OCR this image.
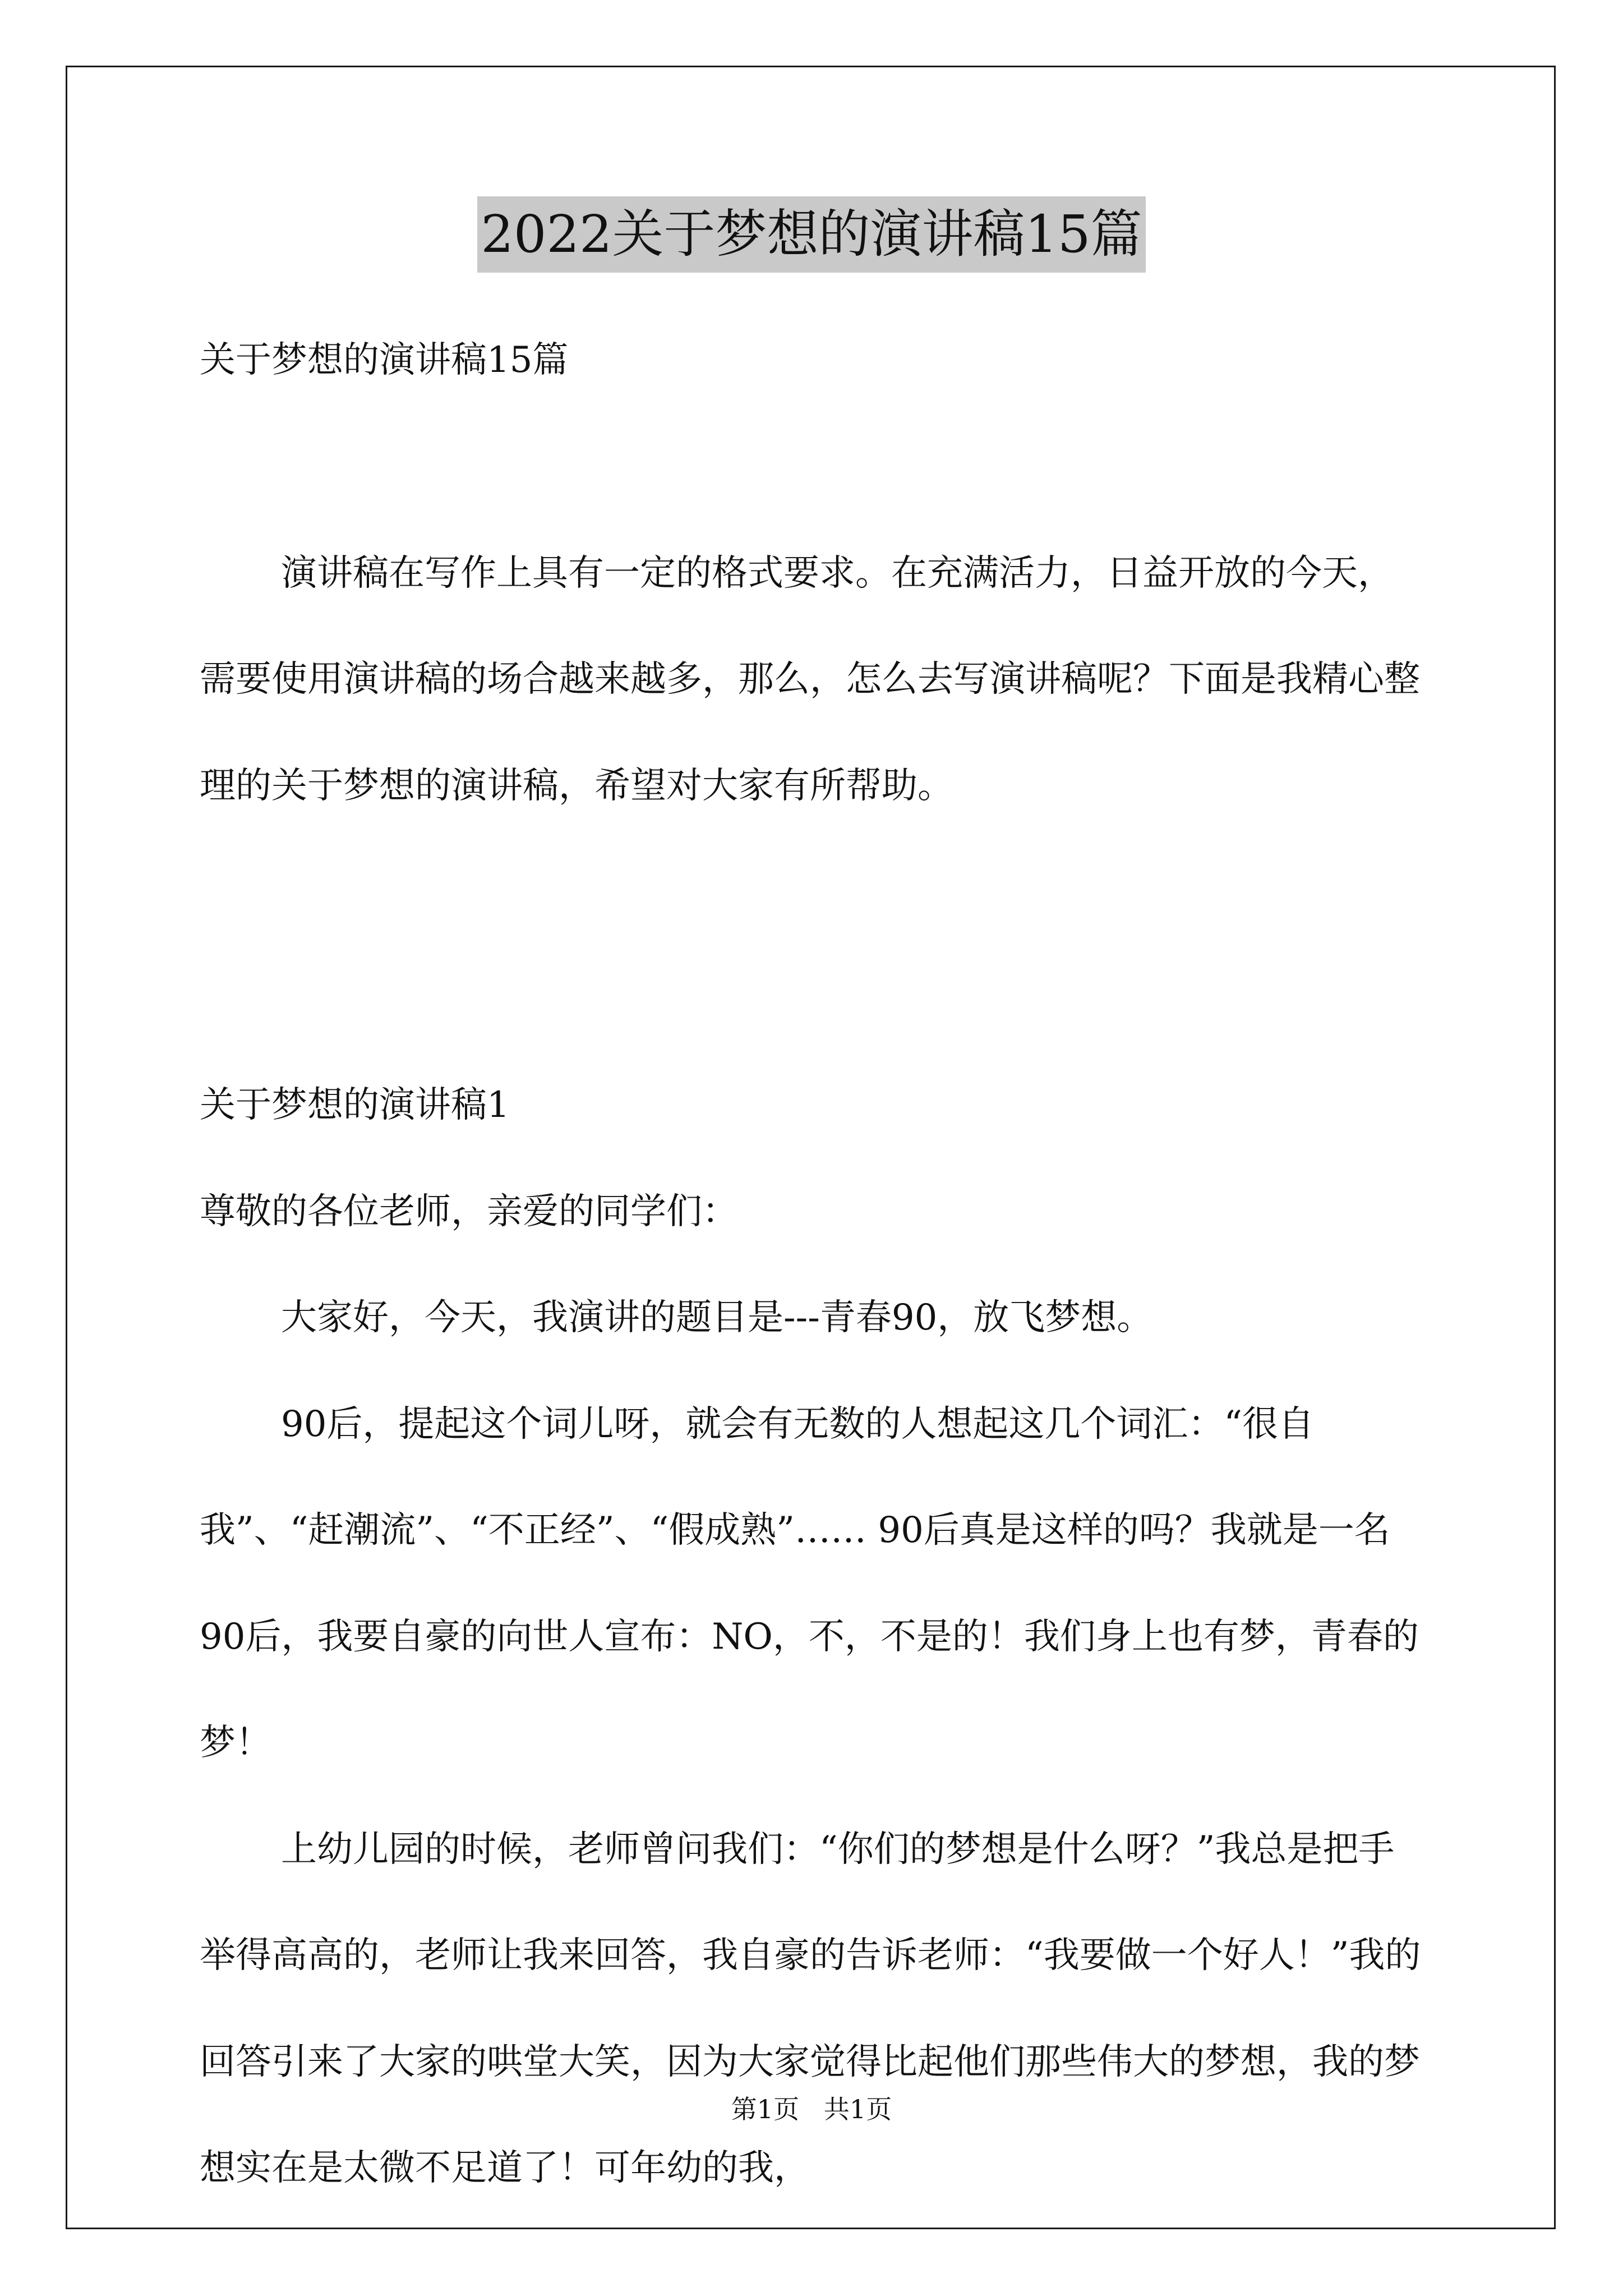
2022关于梦想的演讲稿15篇

关于梦想的演讲稿15篇

演讲稿在写作上具有一定的格式要求。在充满活力，日益开放的今天，需要使用演讲稿的场合越来越多，那么，怎么去写演讲稿呢？下面是我精心整理的关于梦想的演讲稿，希望对大家有所帮助。

关于梦想的演讲稿1

尊敬的各位老师，亲爱的同学们：

大家好，今天，我演讲的题目是---青春90，放飞梦想。

90后，提起这个词儿呀，就会有无数的人想起这几个词汇：“很自我”、“赶潮流”、“不正经”、“假成熟”…… 90后真是这样的吗？我就是一名90后，我要自豪的向世人宣布：NO，不，不是的！我们身上也有梦，青春的梦！

上幼儿园的时候，老师曾问我们：“你们的梦想是什么呀？”我总是把手举得高高的，老师让我来回答，我自豪的告诉老师：“我要做一个好人！”我的回答引来了大家的哄堂大笑，因为大家觉得比起他们那些伟大的梦想，我的梦想实在是太微不足道了！可年幼的我，

第1页   共1页
